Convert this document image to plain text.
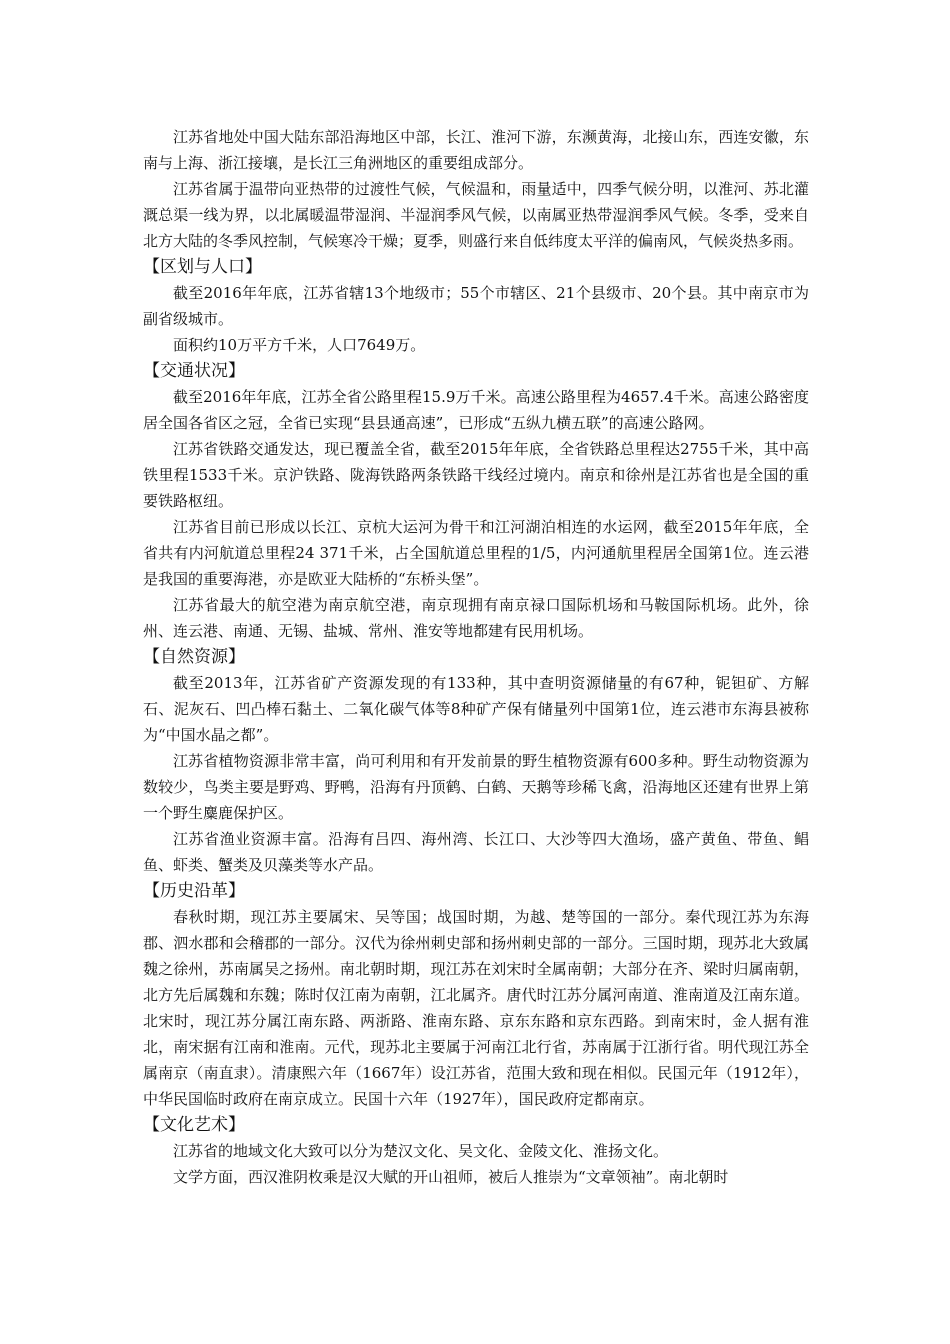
江苏省地处中国大陆东部沿海地区中部，长江、淮河下游，东濒黄海，北接山东，西连安徽，东南与上海、浙江接壤，是长江三角洲地区的重要组成部分。

江苏省属于温带向亚热带的过渡性气候，气候温和，雨量适中，四季气候分明，以淮河、苏北灌溉总渠一线为界，以北属暖温带湿润、半湿润季风气候，以南属亚热带湿润季风气候。冬季，受来自北方大陆的冬季风控制，气候寒冷干燥；夏季，则盛行来自低纬度太平洋的偏南风，气候炎热多雨。

【区划与人口】

截至2016年年底，江苏省辖13个地级市；55个市辖区、21个县级市、20个县。其中南京市为副省级城市。

面积约10万平方千米，人口7649万。

【交通状况】

截至2016年年底，江苏全省公路里程15.9万千米。高速公路里程为4657.4千米。高速公路密度居全国各省区之冠，全省已实现“县县通高速”，已形成“五纵九横五联”的高速公路网。

江苏省铁路交通发达，现已覆盖全省，截至2015年年底，全省铁路总里程达2755千米，其中高铁里程1533千米。京沪铁路、陇海铁路两条铁路干线经过境内。南京和徐州是江苏省也是全国的重要铁路枢纽。

江苏省目前已形成以长江、京杭大运河为骨干和江河湖泊相连的水运网，截至2015年年底，全省共有内河航道总里程24 371千米，占全国航道总里程的1/5，内河通航里程居全国第1位。连云港是我国的重要海港，亦是欧亚大陆桥的“东桥头堡”。

江苏省最大的航空港为南京航空港，南京现拥有南京禄口国际机场和马鞍国际机场。此外，徐州、连云港、南通、无锡、盐城、常州、淮安等地都建有民用机场。

【自然资源】

截至2013年，江苏省矿产资源发现的有133种，其中查明资源储量的有67种，铌钽矿、方解石、泥灰石、凹凸棒石黏土、二氧化碳气体等8种矿产保有储量列中国第1位，连云港市东海县被称为“中国水晶之都”。

江苏省植物资源非常丰富，尚可利用和有开发前景的野生植物资源有600多种。野生动物资源为数较少，鸟类主要是野鸡、野鸭，沿海有丹顶鹤、白鹤、天鹅等珍稀飞禽，沿海地区还建有世界上第一个野生麋鹿保护区。

江苏省渔业资源丰富。沿海有吕四、海州湾、长江口、大沙等四大渔场，盛产黄鱼、带鱼、鲳鱼、虾类、蟹类及贝藻类等水产品。

【历史沿革】

春秋时期，现江苏主要属宋、吴等国；战国时期，为越、楚等国的一部分。秦代现江苏为东海郡、泗水郡和会稽郡的一部分。汉代为徐州刺史部和扬州刺史部的一部分。三国时期，现苏北大致属魏之徐州，苏南属吴之扬州。南北朝时期，现江苏在刘宋时全属南朝；大部分在齐、梁时归属南朝，北方先后属魏和东魏；陈时仅江南为南朝，江北属齐。唐代时江苏分属河南道、淮南道及江南东道。北宋时，现江苏分属江南东路、两浙路、淮南东路、京东东路和京东西路。到南宋时，金人据有淮北，南宋据有江南和淮南。元代，现苏北主要属于河南江北行省，苏南属于江浙行省。明代现江苏全属南京（南直隶）。清康熙六年（1667年）设江苏省，范围大致和现在相似。民国元年（1912年），中华民国临时政府在南京成立。民国十六年（1927年），国民政府定都南京。

【文化艺术】

江苏省的地域文化大致可以分为楚汉文化、吴文化、金陵文化、淮扬文化。

文学方面，西汉淮阴枚乘是汉大赋的开山祖师，被后人推崇为“文章领袖”。南北朝时
